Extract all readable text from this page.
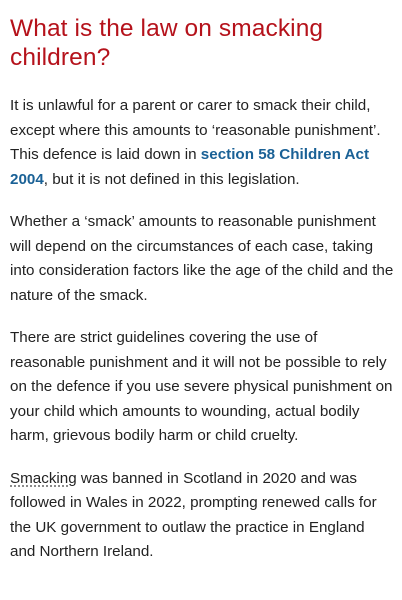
What is the law on smacking children?

It is unlawful for a parent or carer to smack their child, except where this amounts to ‘reasonable punishment’. This defence is laid down in section 58 Children Act 2004, but it is not defined in this legislation.

Whether a ‘smack’ amounts to reasonable punishment will depend on the circumstances of each case, taking into consideration factors like the age of the child and the nature of the smack.

There are strict guidelines covering the use of reasonable punishment and it will not be possible to rely on the defence if you use severe physical punishment on your child which amounts to wounding, actual bodily harm, grievous bodily harm or child cruelty.

Smacking was banned in Scotland in 2020 and was followed in Wales in 2022, prompting renewed calls for the UK government to outlaw the practice in England and Northern Ireland.
